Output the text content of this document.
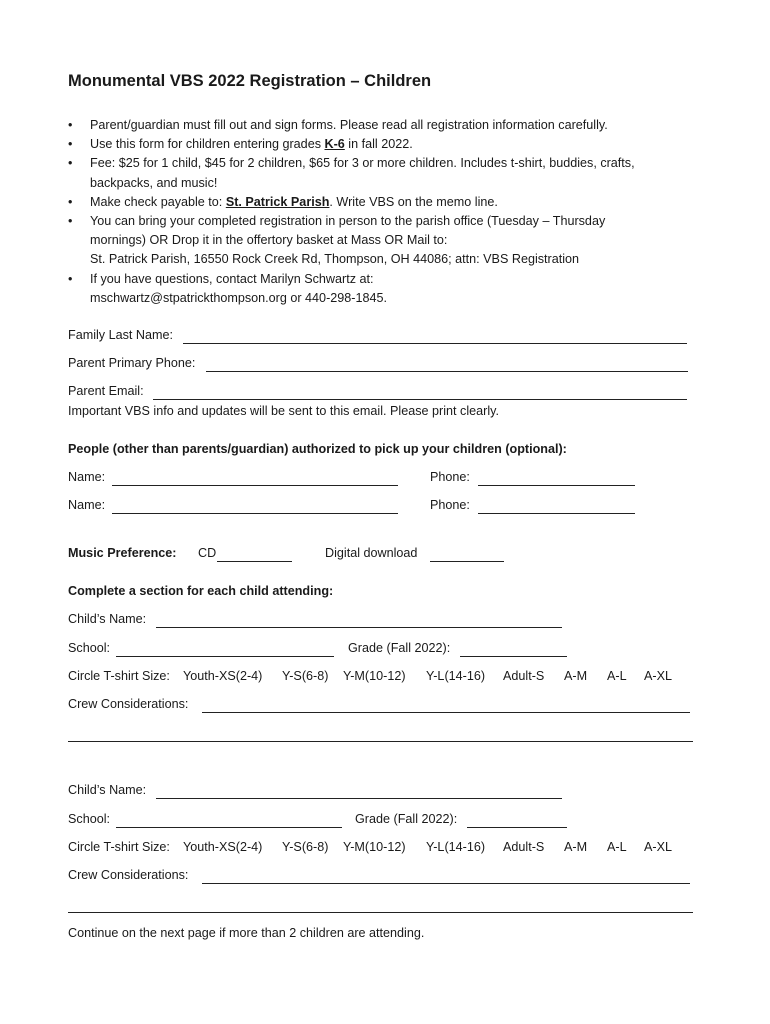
Monumental VBS 2022 Registration – Children
• Parent/guardian must fill out and sign forms. Please read all registration information carefully.
• Use this form for children entering grades K-6 in fall 2022.
• Fee: $25 for 1 child, $45 for 2 children, $65 for 3 or more children. Includes t-shirt, buddies, crafts,
backpacks, and music!
• Make check payable to: St. Patrick Parish. Write VBS on the memo line.
• You can bring your completed registration in person to the parish office (Tuesday – Thursday
mornings) OR Drop it in the offertory basket at Mass OR Mail to:
St. Patrick Parish, 16550 Rock Creek Rd, Thompson, OH 44086; attn: VBS Registration
• If you have questions, contact Marilyn Schwartz at:
mschwartz@stpatrickthompson.org or 440-298-1845.
Family Last Name:
Parent Primary Phone:
Parent Email:
Important VBS info and updates will be sent to this email. Please print clearly.
People (other than parents/guardian) authorized to pick up your children (optional):
Name:	Phone:
Name:	Phone:
Music Preference: CD	Digital download
Complete a section for each child attending:
Child’s Name:
School:	Grade (Fall 2022):
Circle T-shirt Size: Youth-XS(2-4) Y-S(6-8) Y-M(10-12) Y-L(14-16) Adult-S A-M A-L A-XL
Crew Considerations:
Child’s Name:
School:	Grade (Fall 2022):
Circle T-shirt Size: Youth-XS(2-4) Y-S(6-8) Y-M(10-12) Y-L(14-16) Adult-S A-M A-L A-XL
Crew Considerations:
Continue on the next page if more than 2 children are attending.
